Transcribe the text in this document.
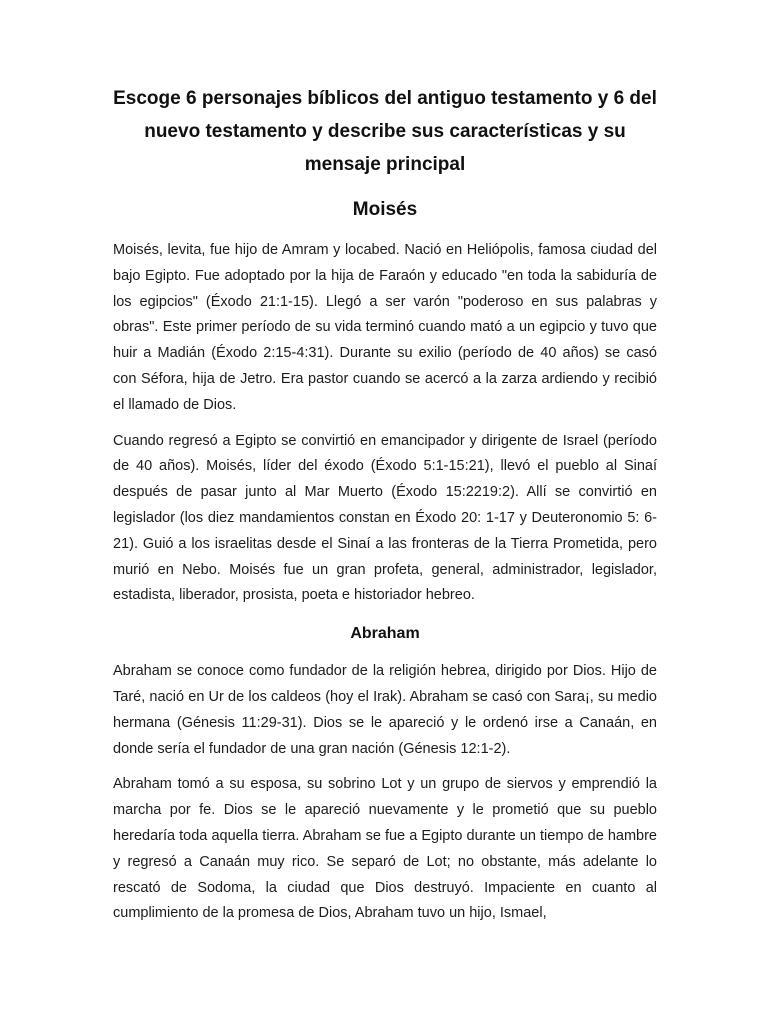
Escoge 6 personajes bíblicos del antiguo testamento y 6 del nuevo testamento y describe sus características y su mensaje principal
Moisés

Moisés, levita, fue hijo de Amram y locabed. Nació en Heliópolis, famosa ciudad del bajo Egipto. Fue adoptado por la hija de Faraón y educado "en toda la sabiduría de los egipcios" (Éxodo 21:1-15). Llegó a ser varón "poderoso en sus palabras y obras". Este primer período de su vida terminó cuando mató a un egipcio y tuvo que huir a Madián (Éxodo 2:15-4:31). Durante su exilio (período de 40 años) se casó con Séfora, hija de Jetro. Era pastor cuando se acercó a la zarza ardiendo y recibió el llamado de Dios.

Cuando regresó a Egipto se convirtió en emancipador y dirigente de Israel (período de 40 años). Moisés, líder del éxodo (Éxodo 5:1-15:21), llevó el pueblo al Sinaí después de pasar junto al Mar Muerto (Éxodo 15:2219:2). Allí se convirtió en legislador (los diez mandamientos constan en Éxodo 20: 1-17 y Deuteronomio 5: 6-21). Guió a los israelitas desde el Sinaí a las fronteras de la Tierra Prometida, pero murió en Nebo. Moisés fue un gran profeta, general, administrador, legislador, estadista, liberador, prosista, poeta e historiador hebreo.

Abraham

Abraham se conoce como fundador de la religión hebrea, dirigido por Dios. Hijo de Taré, nació en Ur de los caldeos (hoy el Irak). Abraham se casó con Sara¡, su medio hermana (Génesis 11:29-31). Dios se le apareció y le ordenó irse a Canaán, en donde sería el fundador de una gran nación (Génesis 12:1-2).

Abraham tomó a su esposa, su sobrino Lot y un grupo de siervos y emprendió la marcha por fe. Dios se le apareció nuevamente y le prometió que su pueblo heredaría toda aquella tierra. Abraham se fue a Egipto durante un tiempo de hambre y regresó a Canaán muy rico. Se separó de Lot; no obstante, más adelante lo rescató de Sodoma, la ciudad que Dios destruyó. Impaciente en cuanto al cumplimiento de la promesa de Dios, Abraham tuvo un hijo, Ismael,
